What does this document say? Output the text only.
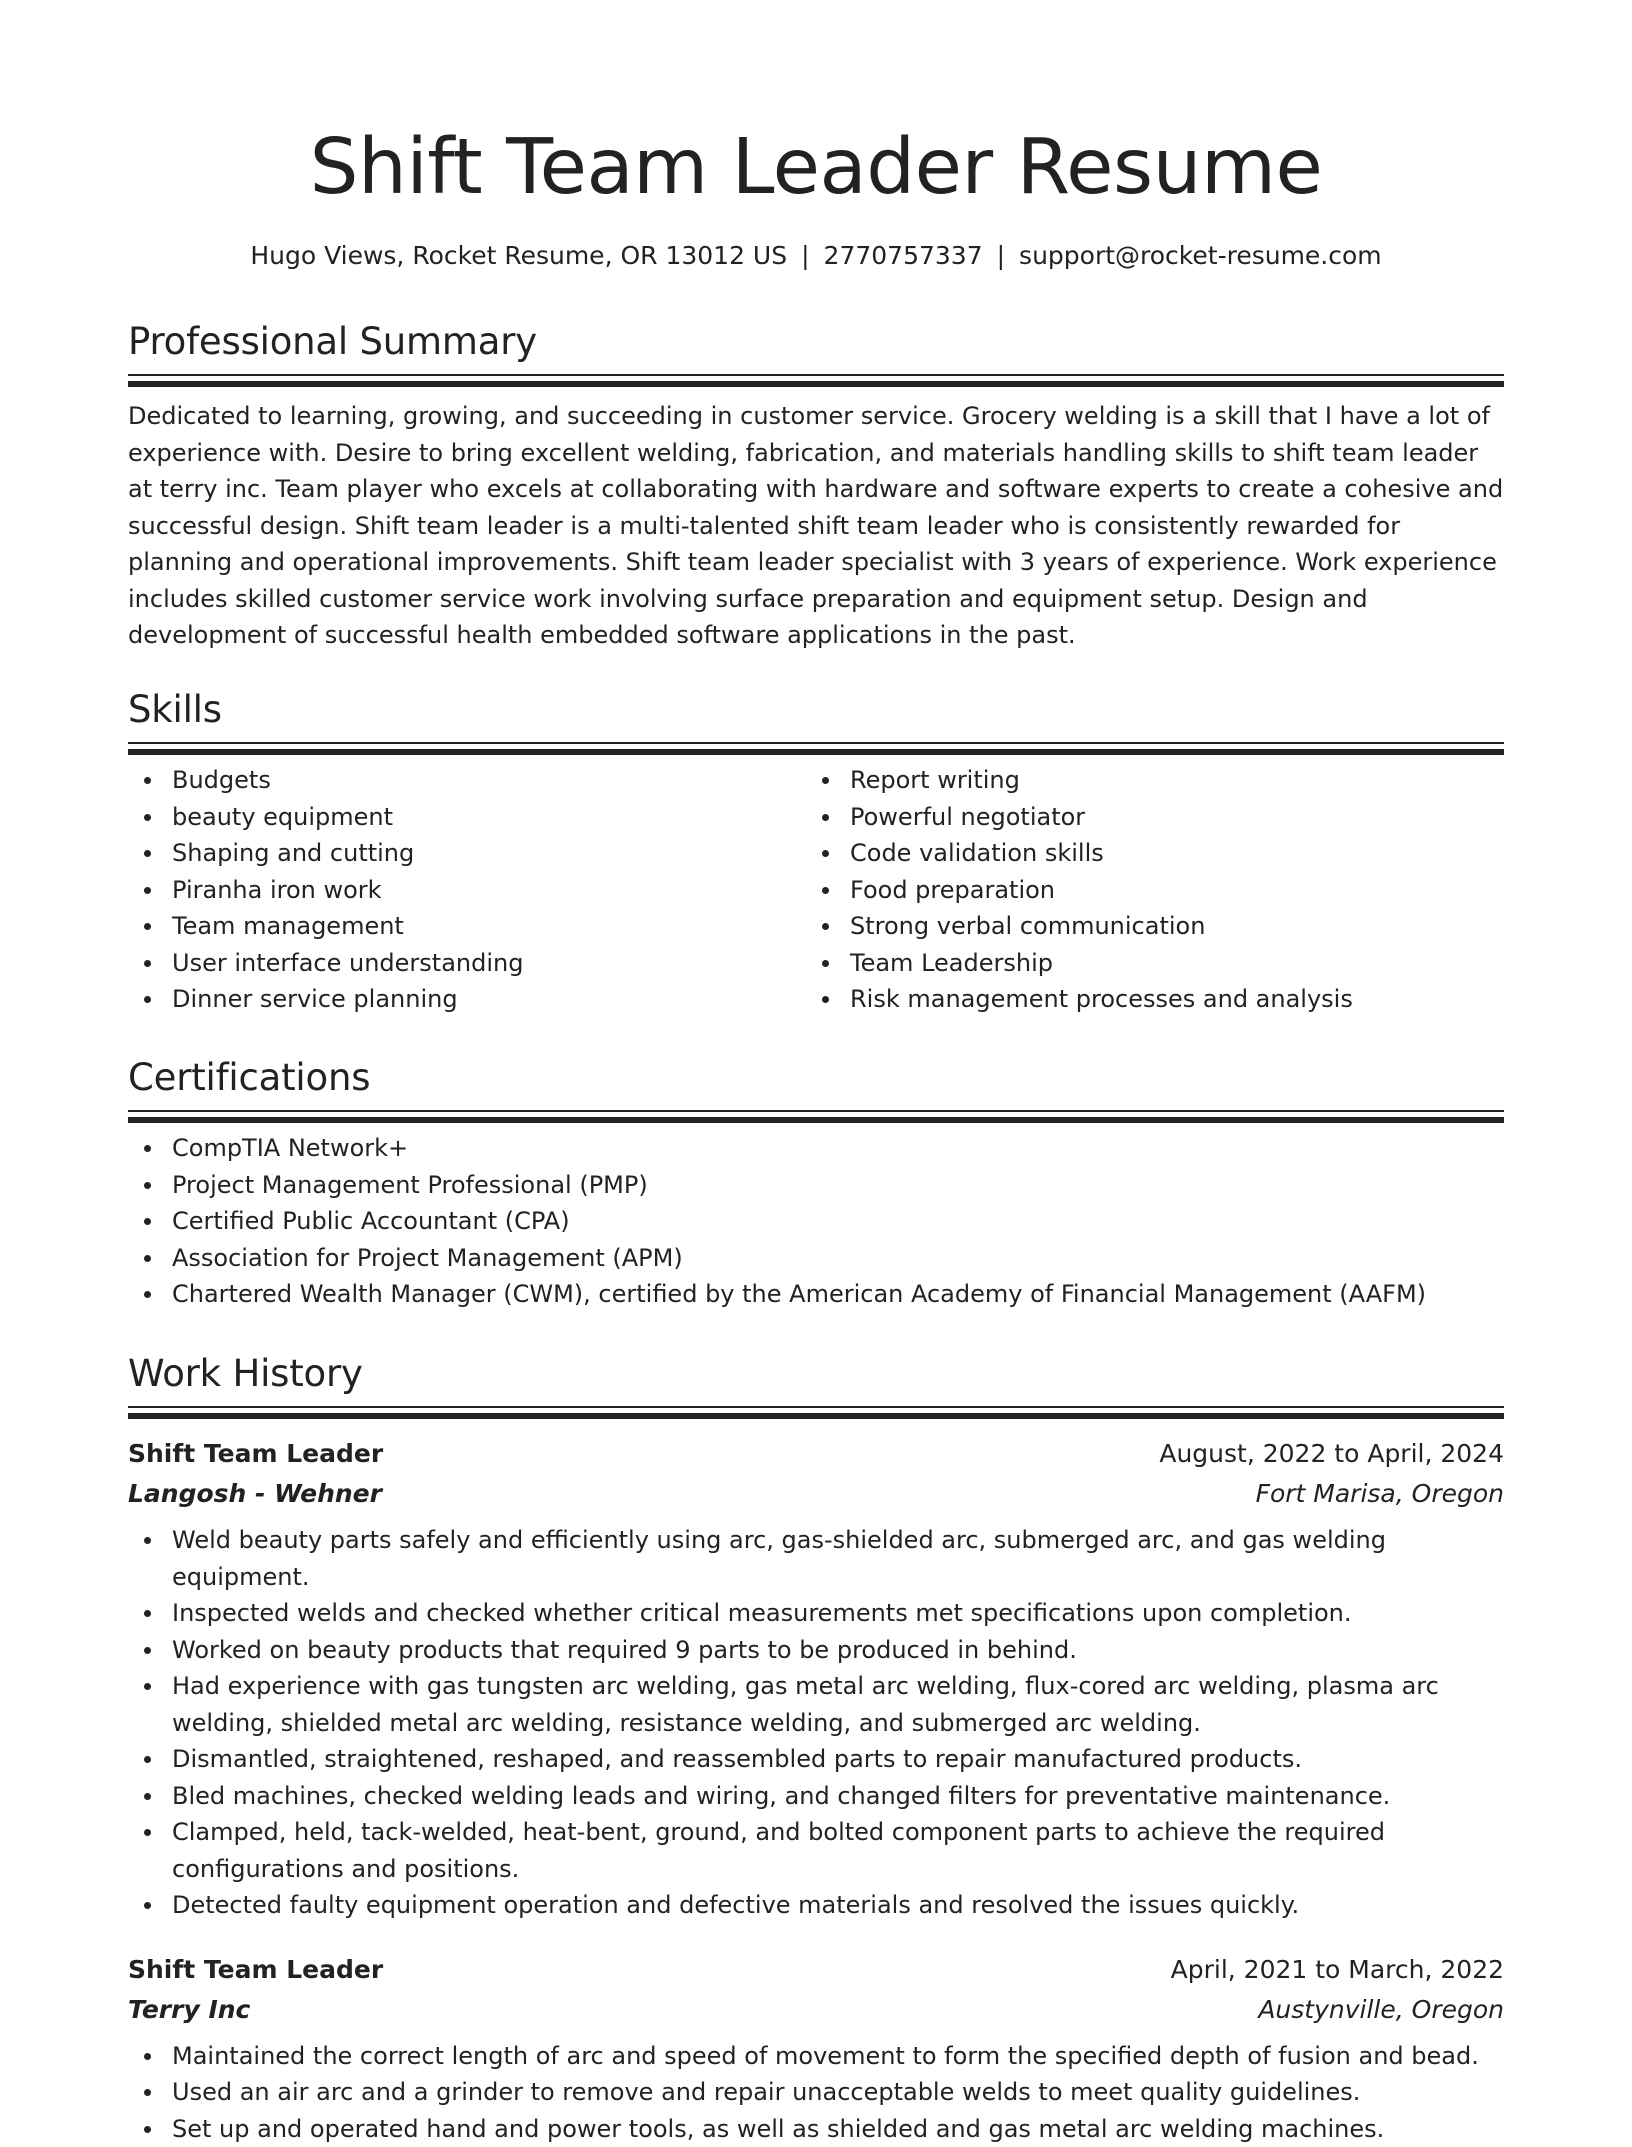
Shift Team Leader Resume
Hugo Views, Rocket Resume, OR 13012 US | 2770757337 | support@rocket-resume.com
Professional Summary
Dedicated to learning, growing, and succeeding in customer service. Grocery welding is a skill that I have a lot of experience with. Desire to bring excellent welding, fabrication, and materials handling skills to shift team leader at terry inc. Team player who excels at collaborating with hardware and software experts to create a cohesive and successful design. Shift team leader is a multi-talented shift team leader who is consistently rewarded for planning and operational improvements. Shift team leader specialist with 3 years of experience. Work experience includes skilled customer service work involving surface preparation and equipment setup. Design and development of successful health embedded software applications in the past.
Skills
Budgets
beauty equipment
Shaping and cutting
Piranha iron work
Team management
User interface understanding
Dinner service planning
Report writing
Powerful negotiator
Code validation skills
Food preparation
Strong verbal communication
Team Leadership
Risk management processes and analysis
Certifications
CompTIA Network+
Project Management Professional (PMP)
Certified Public Accountant (CPA)
Association for Project Management (APM)
Chartered Wealth Manager (CWM), certified by the American Academy of Financial Management (AAFM)
Work History
Shift Team Leader	August, 2022 to April, 2024
Langosh - Wehner	Fort Marisa, Oregon
Weld beauty parts safely and efficiently using arc, gas-shielded arc, submerged arc, and gas welding equipment.
Inspected welds and checked whether critical measurements met specifications upon completion.
Worked on beauty products that required 9 parts to be produced in behind.
Had experience with gas tungsten arc welding, gas metal arc welding, flux-cored arc welding, plasma arc welding, shielded metal arc welding, resistance welding, and submerged arc welding.
Dismantled, straightened, reshaped, and reassembled parts to repair manufactured products.
Bled machines, checked welding leads and wiring, and changed filters for preventative maintenance.
Clamped, held, tack-welded, heat-bent, ground, and bolted component parts to achieve the required configurations and positions.
Detected faulty equipment operation and defective materials and resolved the issues quickly.
Shift Team Leader	April, 2021 to March, 2022
Terry Inc	Austynville, Oregon
Maintained the correct length of arc and speed of movement to form the specified depth of fusion and bead.
Used an air arc and a grinder to remove and repair unacceptable welds to meet quality guidelines.
Set up and operated hand and power tools, as well as shielded and gas metal arc welding machines.
